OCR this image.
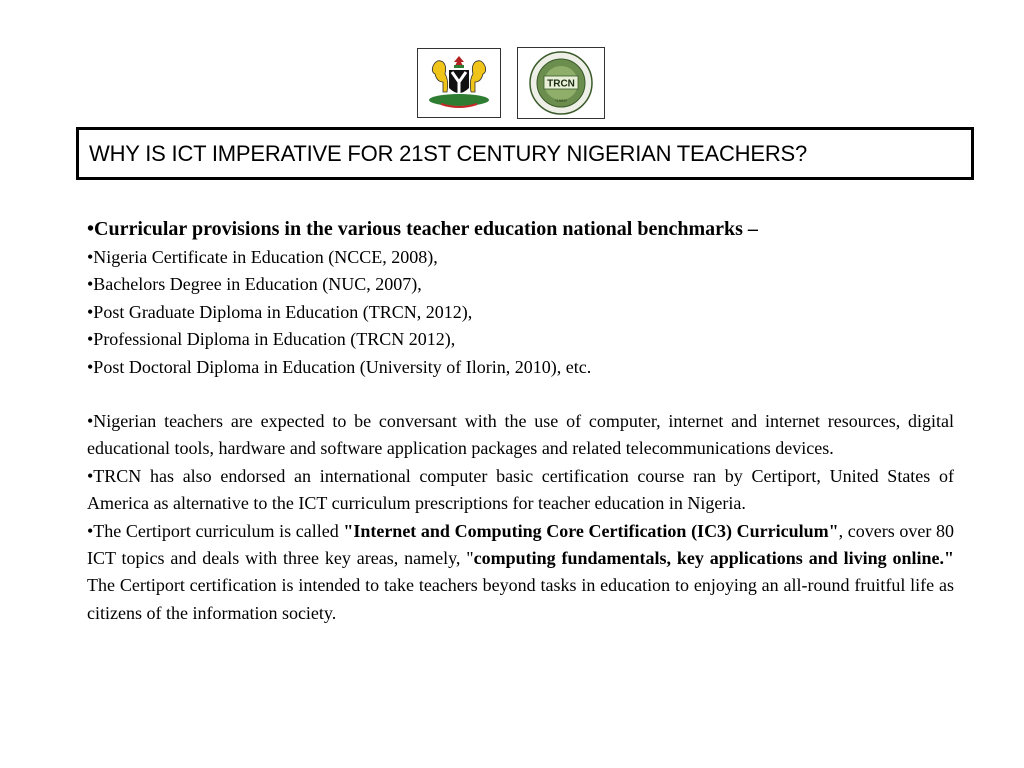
TRCN
*1993*
WHY IS ICT IMPERATIVE FOR 21ST CENTURY NIGERIAN TEACHERS?

•Curricular provisions in the various teacher education national benchmarks –

•Nigeria Certificate in Education (NCCE, 2008),

•Bachelors Degree in Education (NUC, 2007),

•Post Graduate Diploma in Education (TRCN, 2012),

•Professional Diploma in Education (TRCN 2012),

•Post Doctoral Diploma in Education (University of Ilorin, 2010), etc.

•Nigerian teachers are expected to be conversant with the use of computer, internet and internet resources, digital educational tools, hardware and software application packages and related telecommunications devices.

•TRCN has also endorsed an international computer basic certification course ran by Certiport, United States of America as alternative to the ICT curriculum prescriptions for teacher education in Nigeria.

•The Certiport curriculum is called "Internet and Computing Core Certification (IC3) Curriculum", covers over 80 ICT topics and deals with three key areas, namely, "computing fundamentals, key applications and living online." The Certiport certification is intended to take teachers beyond tasks in education to enjoying an all-round fruitful life as citizens of the information society.
